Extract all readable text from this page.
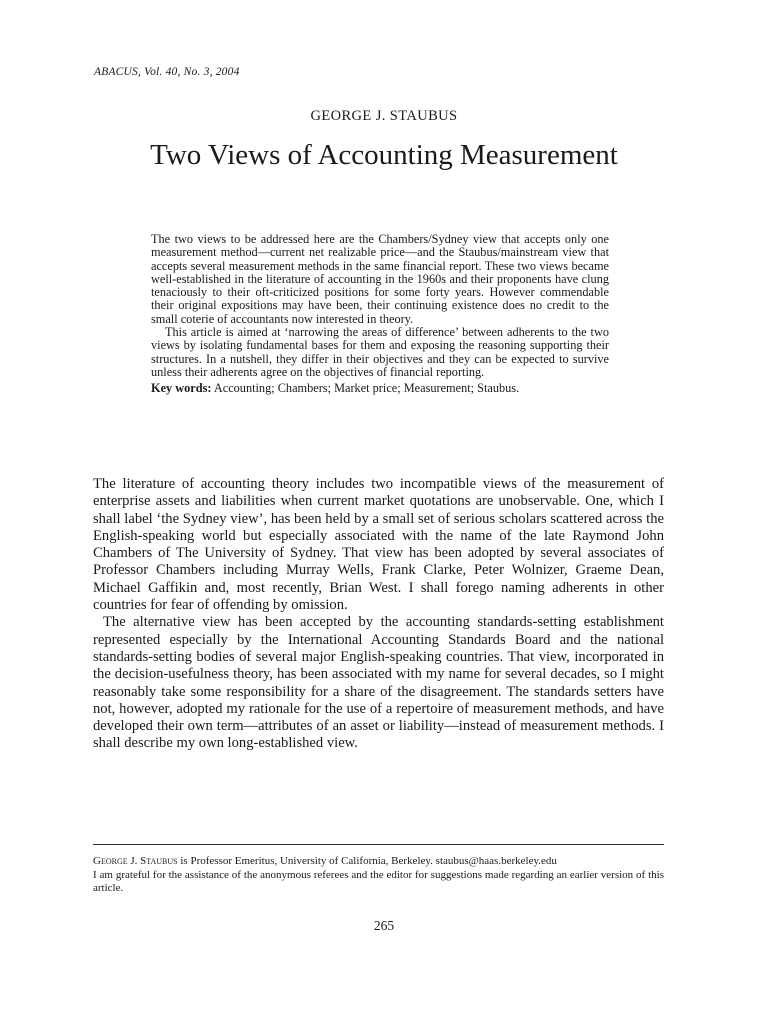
ABACUS, Vol. 40, No. 3, 2004
GEORGE J. STAUBUS
Two Views of Accounting Measurement

The two views to be addressed here are the Chambers/Sydney view that accepts only one measurement method—current net realizable price—and the Staubus/mainstream view that accepts several measurement methods in the same financial report. These two views became well-established in the literature of accounting in the 1960s and their proponents have clung tenaciously to their oft-criticized positions for some forty years. However commendable their original expositions may have been, their continuing existence does no credit to the small coterie of accountants now interested in theory.

This article is aimed at ‘narrowing the areas of difference’ between adherents to the two views by isolating fundamental bases for them and exposing the reasoning supporting their structures. In a nutshell, they differ in their objectives and they can be expected to survive unless their adherents agree on the objectives of financial reporting.

Key words: Accounting; Chambers; Market price; Measurement; Staubus.

The literature of accounting theory includes two incompatible views of the measurement of enterprise assets and liabilities when current market quotations are unobservable. One, which I shall label ‘the Sydney view’, has been held by a small set of serious scholars scattered across the English-speaking world but especially associated with the name of the late Raymond John Chambers of The University of Sydney. That view has been adopted by several associates of Professor Chambers including Murray Wells, Frank Clarke, Peter Wolnizer, Graeme Dean, Michael Gaffikin and, most recently, Brian West. I shall forego naming adherents in other countries for fear of offending by omission.

The alternative view has been accepted by the accounting standards-setting establishment represented especially by the International Accounting Standards Board and the national standards-setting bodies of several major English-speaking countries. That view, incorporated in the decision-usefulness theory, has been associated with my name for several decades, so I might reasonably take some responsibility for a share of the disagreement. The standards setters have not, however, adopted my rationale for the use of a repertoire of measurement methods, and have developed their own term—attributes of an asset or liability—instead of measurement methods. I shall describe my own long-established view.

George J. Staubus is Professor Emeritus, University of California, Berkeley. staubus@haas.berkeley.edu

I am grateful for the assistance of the anonymous referees and the editor for suggestions made regarding an earlier version of this article.

265
